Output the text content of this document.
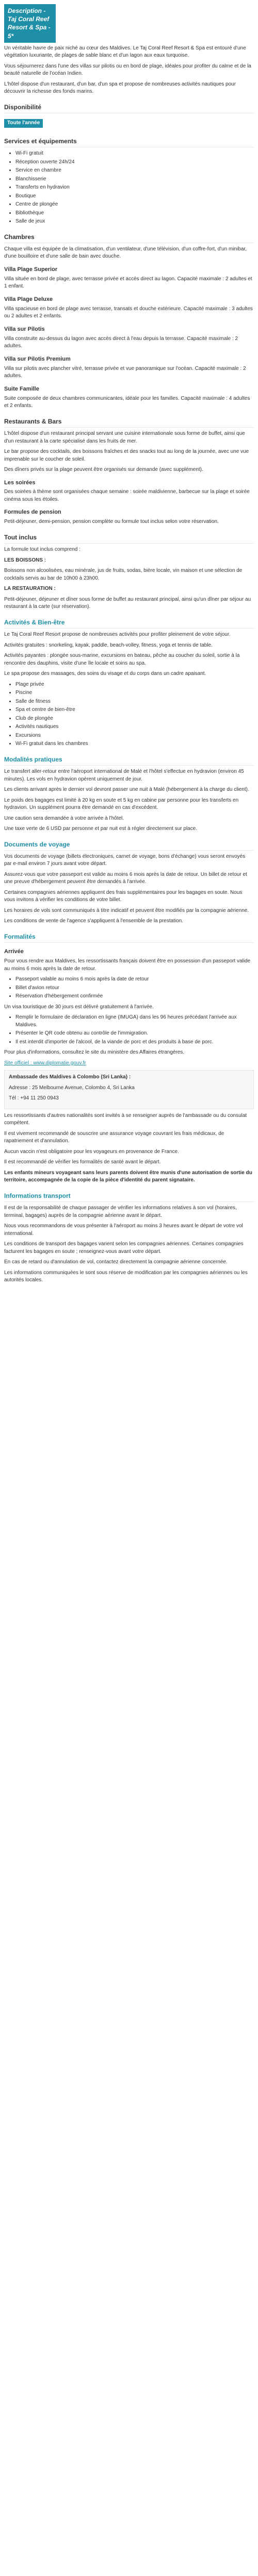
Description - Taj Coral Reef Resort & Spa - 5*

Un véritable havre de paix niché au cœur des Maldives. Le Taj Coral Reef Resort & Spa est entouré d'une végétation luxuriante, de plages de sable blanc et d'un lagon aux eaux turquoise.

Vous séjournerez dans l'une des villas sur pilotis ou en bord de plage, idéales pour profiter du calme et de la beauté naturelle de l'océan Indien.

L'hôtel dispose d'un restaurant, d'un bar, d'un spa et propose de nombreuses activités nautiques pour découvrir la richesse des fonds marins.

Disponibilité
Toute l'année
Services et équipements
• Wi-Fi gratuit
• Réception ouverte 24h/24
• Service en chambre
• Blanchisserie
• Transferts en hydravion
• Boutique
• Centre de plongée
• Bibliothèque
• Salle de jeux
Chambres

Chaque villa est équipée de la climatisation, d'un ventilateur, d'une télévision, d'un coffre-fort, d'un minibar, d'une bouilloire et d'une salle de bain avec douche.

Villa Plage Superior

Villa située en bord de plage, avec terrasse privée et accès direct au lagon. Capacité maximale : 2 adultes et 1 enfant.

Villa Plage Deluxe

Villa spacieuse en bord de plage avec terrasse, transats et douche extérieure. Capacité maximale : 3 adultes ou 2 adultes et 2 enfants.

Villa sur Pilotis

Villa construite au-dessus du lagon avec accès direct à l'eau depuis la terrasse. Capacité maximale : 2 adultes.

Villa sur Pilotis Premium

Villa sur pilotis avec plancher vitré, terrasse privée et vue panoramique sur l'océan. Capacité maximale : 2 adultes.

Suite Famille

Suite composée de deux chambres communicantes, idéale pour les familles. Capacité maximale : 4 adultes et 2 enfants.

Restaurants & Bars

L'hôtel dispose d'un restaurant principal servant une cuisine internationale sous forme de buffet, ainsi que d'un restaurant à la carte spécialisé dans les fruits de mer.

Le bar propose des cocktails, des boissons fraîches et des snacks tout au long de la journée, avec une vue imprenable sur le coucher de soleil.

Des dîners privés sur la plage peuvent être organisés sur demande (avec supplément).

Les soirées

Des soirées à thème sont organisées chaque semaine : soirée maldivienne, barbecue sur la plage et soirée cinéma sous les étoiles.

Formules de pension

Petit-déjeuner, demi-pension, pension complète ou formule tout inclus selon votre réservation.

Tout inclus

La formule tout inclus comprend :

LES BOISSONS :

Boissons non alcoolisées, eau minérale, jus de fruits, sodas, bière locale, vin maison et une sélection de cocktails servis au bar de 10h00 à 23h00.

LA RESTAURATION :

Petit-déjeuner, déjeuner et dîner sous forme de buffet au restaurant principal, ainsi qu'un dîner par séjour au restaurant à la carte (sur réservation).

Activités & Bien-être

Le Taj Coral Reef Resort propose de nombreuses activités pour profiter pleinement de votre séjour.

Activités gratuites : snorkeling, kayak, paddle, beach-volley, fitness, yoga et tennis de table.

Activités payantes : plongée sous-marine, excursions en bateau, pêche au coucher du soleil, sortie à la rencontre des dauphins, visite d'une île locale et soins au spa.

Le spa propose des massages, des soins du visage et du corps dans un cadre apaisant.

• Plage privée
• Piscine
• Salle de fitness
• Spa et centre de bien-être
• Club de plongée
• Activités nautiques
• Excursions
• Wi-Fi gratuit dans les chambres
Modalités pratiques

Le transfert aller-retour entre l'aéroport international de Malé et l'hôtel s'effectue en hydravion (environ 45 minutes). Les vols en hydravion opèrent uniquement de jour.

Les clients arrivant après le dernier vol devront passer une nuit à Malé (hébergement à la charge du client).

Le poids des bagages est limité à 20 kg en soute et 5 kg en cabine par personne pour les transferts en hydravion. Un supplément pourra être demandé en cas d'excédent.

Une caution sera demandée à votre arrivée à l'hôtel.

Une taxe verte de 6 USD par personne et par nuit est à régler directement sur place.

Documents de voyage

Vos documents de voyage (billets électroniques, carnet de voyage, bons d'échange) vous seront envoyés par e-mail environ 7 jours avant votre départ.

Assurez-vous que votre passeport est valide au moins 6 mois après la date de retour. Un billet de retour et une preuve d'hébergement peuvent être demandés à l'arrivée.

Certaines compagnies aériennes appliquent des frais supplémentaires pour les bagages en soute. Nous vous invitons à vérifier les conditions de votre billet.

Les horaires de vols sont communiqués à titre indicatif et peuvent être modifiés par la compagnie aérienne.

Les conditions de vente de l'agence s'appliquent à l'ensemble de la prestation.

Formalités
Arrivée

Pour vous rendre aux Maldives, les ressortissants français doivent être en possession d'un passeport valide au moins 6 mois après la date de retour.

• Passeport valable au moins 6 mois après la date de retour
• Billet d'avion retour
• Réservation d'hébergement confirmée

Un visa touristique de 30 jours est délivré gratuitement à l'arrivée.

• Remplir le formulaire de déclaration en ligne (IMUGA) dans les 96 heures précédant l'arrivée aux Maldives.
• Présenter le QR code obtenu au contrôle de l'immigration.
• Il est interdit d'importer de l'alcool, de la viande de porc et des produits à base de porc.

Pour plus d'informations, consultez le site du ministère des Affaires étrangères.

Site officiel : www.diplomatie.gouv.fr

Ambassade des Maldives à Colombo (Sri Lanka) :

Adresse : 25 Melbourne Avenue, Colombo 4, Sri Lanka

Tél : +94 11 250 0943

Les ressortissants d'autres nationalités sont invités à se renseigner auprès de l'ambassade ou du consulat compétent.

Il est vivement recommandé de souscrire une assurance voyage couvrant les frais médicaux, de rapatriement et d'annulation.

Aucun vaccin n'est obligatoire pour les voyageurs en provenance de France.

Il est recommandé de vérifier les formalités de santé avant le départ.

Les enfants mineurs voyageant sans leurs parents doivent être munis d'une autorisation de sortie du territoire, accompagnée de la copie de la pièce d'identité du parent signataire.

Informations transport

Il est de la responsabilité de chaque passager de vérifier les informations relatives à son vol (horaires, terminal, bagages) auprès de la compagnie aérienne avant le départ.

Nous vous recommandons de vous présenter à l'aéroport au moins 3 heures avant le départ de votre vol international.

Les conditions de transport des bagages varient selon les compagnies aériennes. Certaines compagnies facturent les bagages en soute ; renseignez-vous avant votre départ.

En cas de retard ou d'annulation de vol, contactez directement la compagnie aérienne concernée.

Les informations communiquées le sont sous réserve de modification par les compagnies aériennes ou les autorités locales.
